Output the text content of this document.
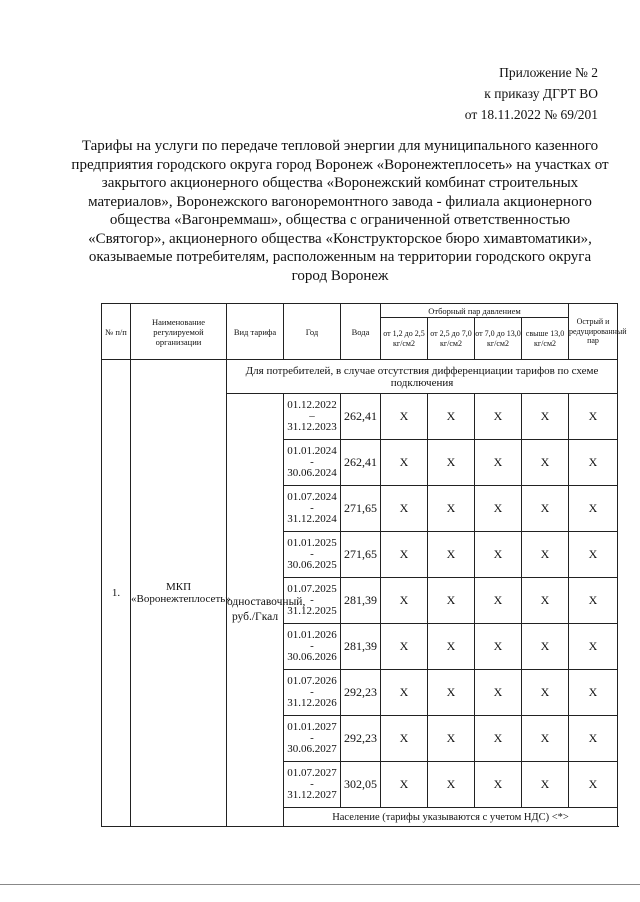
Приложение № 2
к приказу ДГРТ ВО
от 18.11.2022 № 69/201
Тарифы на услуги по передаче тепловой энергии для муниципального казенного предприятия городского округа город Воронеж «Воронежтеплосеть» на участках от закрытого акционерного общества «Воронежский комбинат строительных материалов», Воронежского вагоноремонтного завода - филиала акционерного общества «Вагонреммаш», общества с ограниченной ответственностью «Святогор», акционерного общества «Конструкторское бюро химавтоматики», оказываемые потребителям, расположенным на территории городского округа город Воронеж
№ п/п	Наименование регулируемой организации	Вид тарифа	Год	Вода	Отборный пар давлением				Острый и редуцированный пар
					от 1,2 до 2,5 кг/см2	от 2,5 до 7,0 кг/см2	от 7,0 до 13,0 кг/см2	свыше 13,0 кг/см2	
1.	МКП «Воронежтеплосеть»	Для потребителей, в случае отсутствия дифференциации тарифов по схеме подключения							
		одноставочный, руб./Гкал	01.12.2022
–
31.12.2023	262,41	Х	Х	Х	Х	Х

			01.01.2024
-
30.06.2024	262,41	Х	Х	Х	Х	Х

			01.07.2024
-
31.12.2024	271,65	Х	Х	Х	Х	Х

			01.01.2025
-
30.06.2025	271,65	Х	Х	Х	Х	Х

			01.07.2025
-
31.12.2025	281,39	Х	Х	Х	Х	Х

			01.01.2026
-
30.06.2026	281,39	Х	Х	Х	Х	Х

			01.07.2026
-
31.12.2026	292,23	Х	Х	Х	Х	Х

			01.01.2027
-
30.06.2027	292,23	Х	Х	Х	Х	Х

			01.07.2027
-
31.12.2027	302,05	Х	Х	Х	Х	Х
			Население (тарифы указываются с учетом НДС) <*>						
